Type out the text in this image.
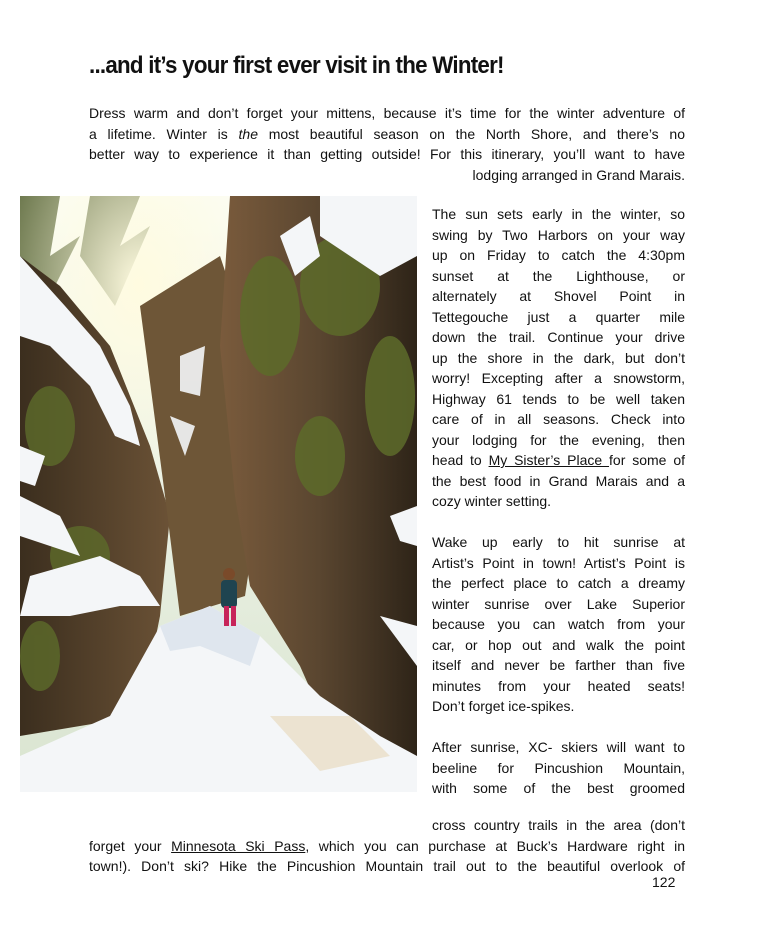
...and it’s your first ever visit in the Winter!
Dress warm and don’t forget your mittens, because it’s time for the winter adventure of
a lifetime. Winter is the most beautiful season on the North Shore, and there’s no
better way to experience it than getting outside! For this itinerary, you’ll want to have
lodging arranged in Grand Marais.
The sun sets early in the winter, so
swing by Two Harbors on your way
up on Friday to catch the 4:30pm
sunset at the Lighthouse, or
alternately at Shovel Point in
Tettegouche just a quarter mile
down the trail. Continue your drive
up the shore in the dark, but don’t
worry! Excepting after a snowstorm,
Highway 61 tends to be well taken
care of in all seasons. Check into
your lodging for the evening, then
head to My Sister’s Place for some of
the best food in Grand Marais and a
cozy winter setting.
Wake up early to hit sunrise at
Artist’s Point in town! Artist’s Point is
the perfect place to catch a dreamy
winter sunrise over Lake Superior
because you can watch from your
car, or hop out and walk the point
itself and never be farther than five
minutes from your heated seats!
Don’t forget ice-spikes.
After sunrise, XC- skiers will want to
beeline for Pincushion Mountain,
with some of the best groomed
cross country trails in the area (don’t
forget your Minnesota Ski Pass, which you can purchase at Buck’s Hardware right in
town!). Don’t ski? Hike the Pincushion Mountain trail out to the beautiful overlook of
122
